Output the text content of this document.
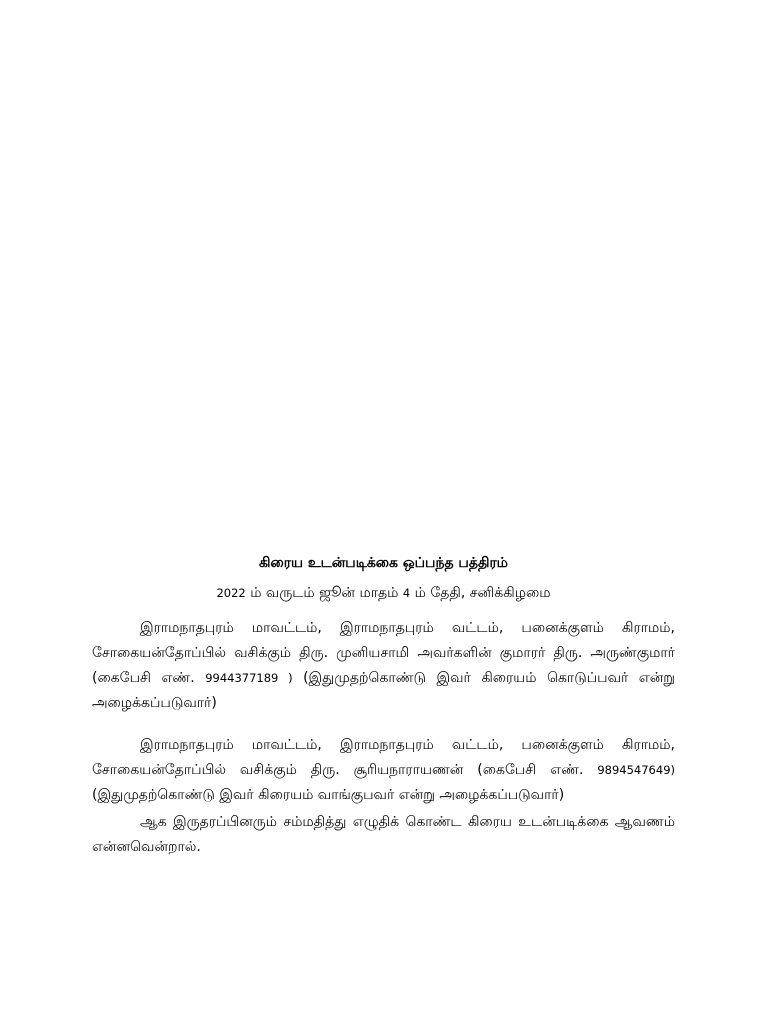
கிரைய உடன்படிக்கை ஒப்பந்த பத்திரம்
2022 ம் வருடம் ஜூன் மாதம் 4 ம் தேதி, சனிக்கிழமை

இராமநாதபுரம் மாவட்டம், இராமநாதபுரம் வட்டம், பனைக்குளம் கிராமம், சோகையன்தோப்பில் வசிக்கும் திரு. முனியசாமி அவர்களின் குமாரர் திரு. அருண்குமார் (கைபேசி எண். 9944377189 ) (இதுமுதற்கொண்டு இவர் கிரையம் கொடுப்பவர் என்று அழைக்கப்படுவார்)

இராமநாதபுரம் மாவட்டம், இராமநாதபுரம் வட்டம், பனைக்குளம் கிராமம், சோகையன்தோப்பில் வசிக்கும் திரு. சூரியநாராயணன் (கைபேசி எண். 9894547649) (இதுமுதற்கொண்டு இவர் கிரையம் வாங்குபவர் என்று அழைக்கப்படுவார்)

ஆக இருதரப்பினரும் சம்மதித்து எழுதிக் கொண்ட கிரைய உடன்படிக்கை ஆவணம் என்னவென்றால்.
